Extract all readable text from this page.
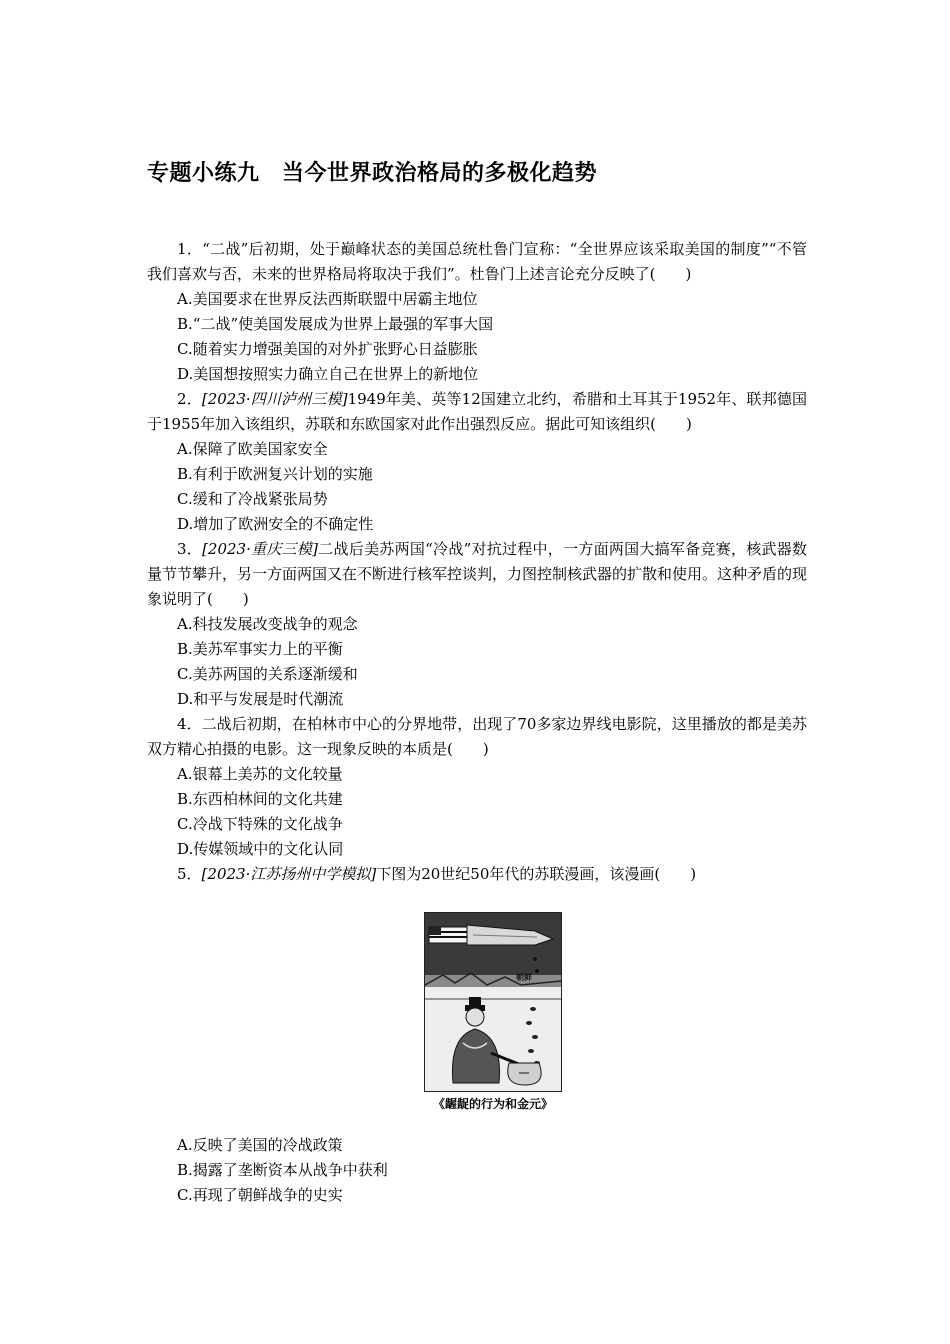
专题小练九　当今世界政治格局的多极化趋势

1．“二战”后初期，处于巅峰状态的美国总统杜鲁门宣称：“全世界应该采取美国的制度”“不管我们喜欢与否，未来的世界格局将取决于我们”。杜鲁门上述言论充分反映了(　　)

A.美国要求在世界反法西斯联盟中居霸主地位

B.“二战”使美国发展成为世界上最强的军事大国

C.随着实力增强美国的对外扩张野心日益膨胀

D.美国想按照实力确立自己在世界上的新地位

2．[2023·四川泸州三模]1949年美、英等12国建立北约，希腊和土耳其于1952年、联邦德国于1955年加入该组织，苏联和东欧国家对此作出强烈反应。据此可知该组织(　　)

A.保障了欧美国家安全

B.有利于欧洲复兴计划的实施

C.缓和了冷战紧张局势

D.增加了欧洲安全的不确定性

3．[2023·重庆三模]二战后美苏两国“冷战”对抗过程中，一方面两国大搞军备竞赛，核武器数量节节攀升，另一方面两国又在不断进行核军控谈判，力图控制核武器的扩散和使用。这种矛盾的现象说明了(　　)

A.科技发展改变战争的观念

B.美苏军事实力上的平衡

C.美苏两国的关系逐渐缓和

D.和平与发展是时代潮流

4．二战后初期，在柏林市中心的分界地带，出现了70多家边界线电影院，这里播放的都是美苏双方精心拍摄的电影。这一现象反映的本质是(　　)

A.银幕上美苏的文化较量

B.东西柏林间的文化共建

C.冷战下特殊的文化战争

D.传媒领域中的文化认同

5．[2023·江苏扬州中学模拟]下图为20世纪50年代的苏联漫画，该漫画(　　)

朝鲜
《龌龊的行为和金元》

A.反映了美国的冷战政策

B.揭露了垄断资本从战争中获利

C.再现了朝鲜战争的史实
